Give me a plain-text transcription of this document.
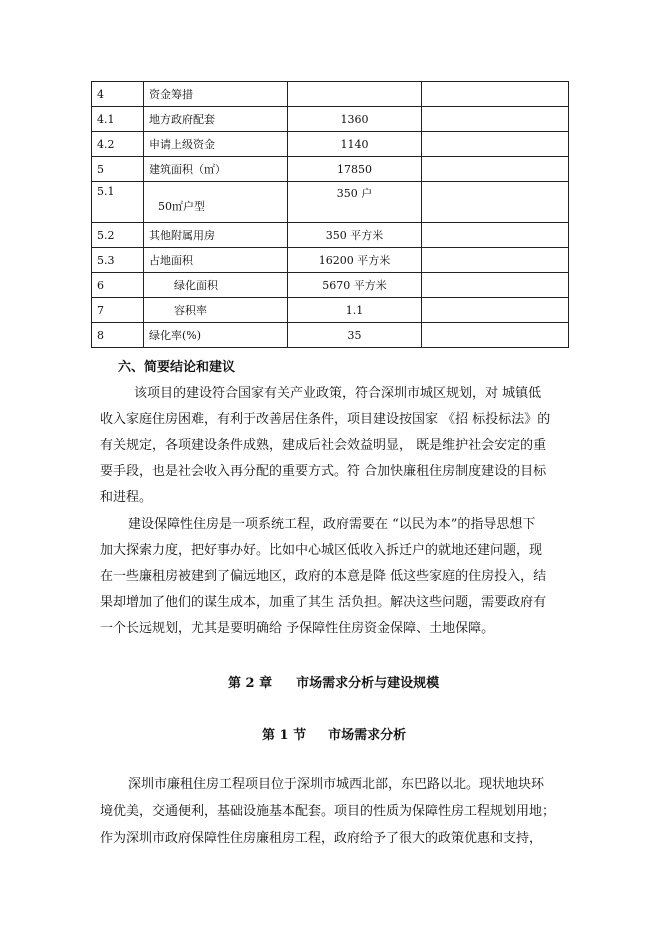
4	资金筹措		
4.1	地方政府配套	1360	
4.2	申请上级资金	1140	
5	建筑面积（㎡）	17850	
5.1	50㎡户型	350 户	
5.2	其他附属用房	350 平方米	
5.3	占地面积	16200 平方米	
6	绿化面积	5670 平方米	
7	容积率	1.1	
8	绿化率(%)	35	
六、简要结论和建议
该项目的建设符合国家有关产业政策，符合深圳市城区规划，对 城镇低
收入家庭住房困难，有利于改善居住条件，项目建设按国家 《招 标投标法》的
有关规定，各项建设条件成熟，建成后社会效益明显， 既是维护社会安定的重
要手段，也是社会收入再分配的重要方式。符 合加快廉租住房制度建设的目标
和进程。
建设保障性住房是一项系统工程，政府需要在 “以民为本”的指导思想下
加大探索力度，把好事办好。比如中心城区低收入拆迁户的就地还建问题，现
在一些廉租房被建到了偏远地区，政府的本意是降 低这些家庭的住房投入，结
果却增加了他们的谋生成本，加重了其生 活负担。解决这些问题，需要政府有
一个长远规划，尤其是要明确给 予保障性住房资金保障、土地保障。
第 2 章 市场需求分析与建设规模
第 1 节 市场需求分析
深圳市廉租住房工程项目位于深圳市城西北部，东巴路以北。现状地块环
境优美，交通便利，基础设施基本配套。项目的性质为保障性房工程规划用地；
作为深圳市政府保障性住房廉租房工程，政府给予了很大的政策优惠和支持，
